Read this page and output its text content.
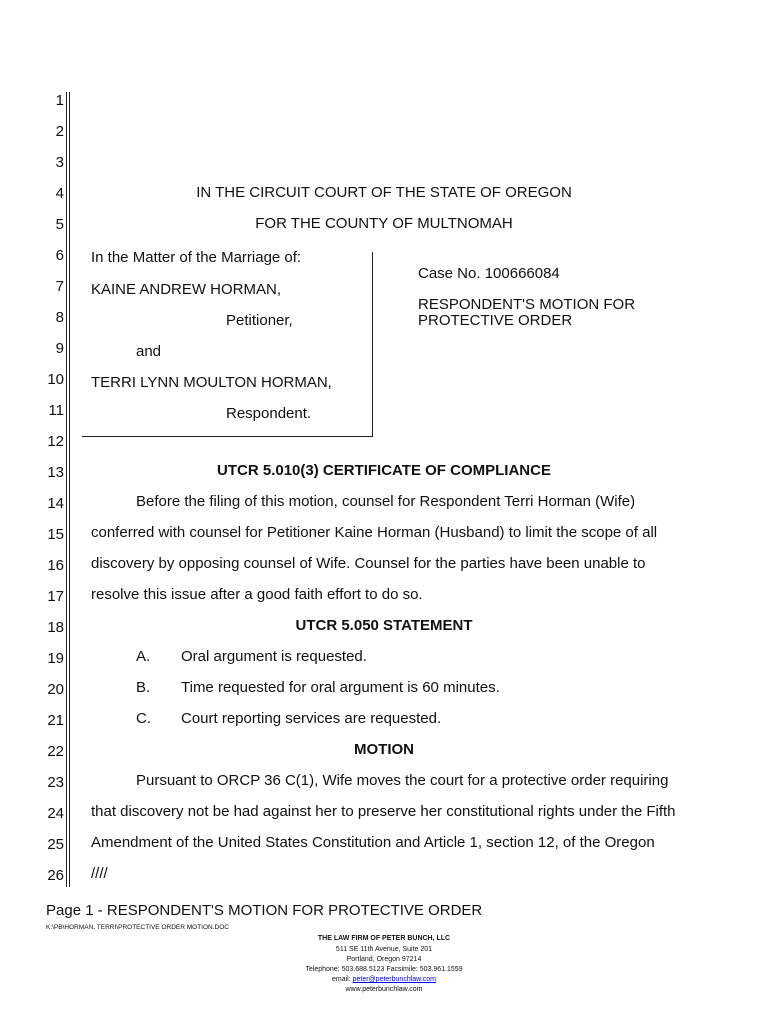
1
2
3
4
5
6
7
8
9
10
11
12
13
14
15
16
17
18
19
20
21
22
23
24
25
26
IN THE CIRCUIT COURT OF THE STATE OF OREGON
FOR THE COUNTY OF MULTNOMAH
In the Matter of the Marriage of:
KAINE ANDREW HORMAN,
Petitioner,
and
TERRI LYNN MOULTON HORMAN,
Respondent.
Case No. 100666084
RESPONDENT'S MOTION FOR
PROTECTIVE ORDER
UTCR 5.010(3) CERTIFICATE OF COMPLIANCE
Before the filing of this motion, counsel for Respondent Terri Horman (Wife)
conferred with counsel for Petitioner Kaine Horman (Husband) to limit the scope of all
discovery by opposing counsel of Wife. Counsel for the parties have been unable to
resolve this issue after a good faith effort to do so.
UTCR 5.050 STATEMENT
A. Oral argument is requested.
B. Time requested for oral argument is 60 minutes.
C. Court reporting services are requested.
MOTION
Pursuant to ORCP 36 C(1), Wife moves the court for a protective order requiring
that discovery not be had against her to preserve her constitutional rights under the Fifth
Amendment of the United States Constitution and Article 1, section 12, of the Oregon
////
Page 1 - RESPONDENT'S MOTION FOR PROTECTIVE ORDER
K:\PB\HORMAN, TERRI\PROTECTIVE ORDER MOTION.DOC
THE LAW FIRM OF PETER BUNCH, LLC
511 SE 11th Avenue, Suite 201
Portland, Oregon 97214
Telephone: 503.688.5123 Facsimile: 503.961.1559
email: peter@peterbunchlaw.com
www.peterbunchlaw.com
